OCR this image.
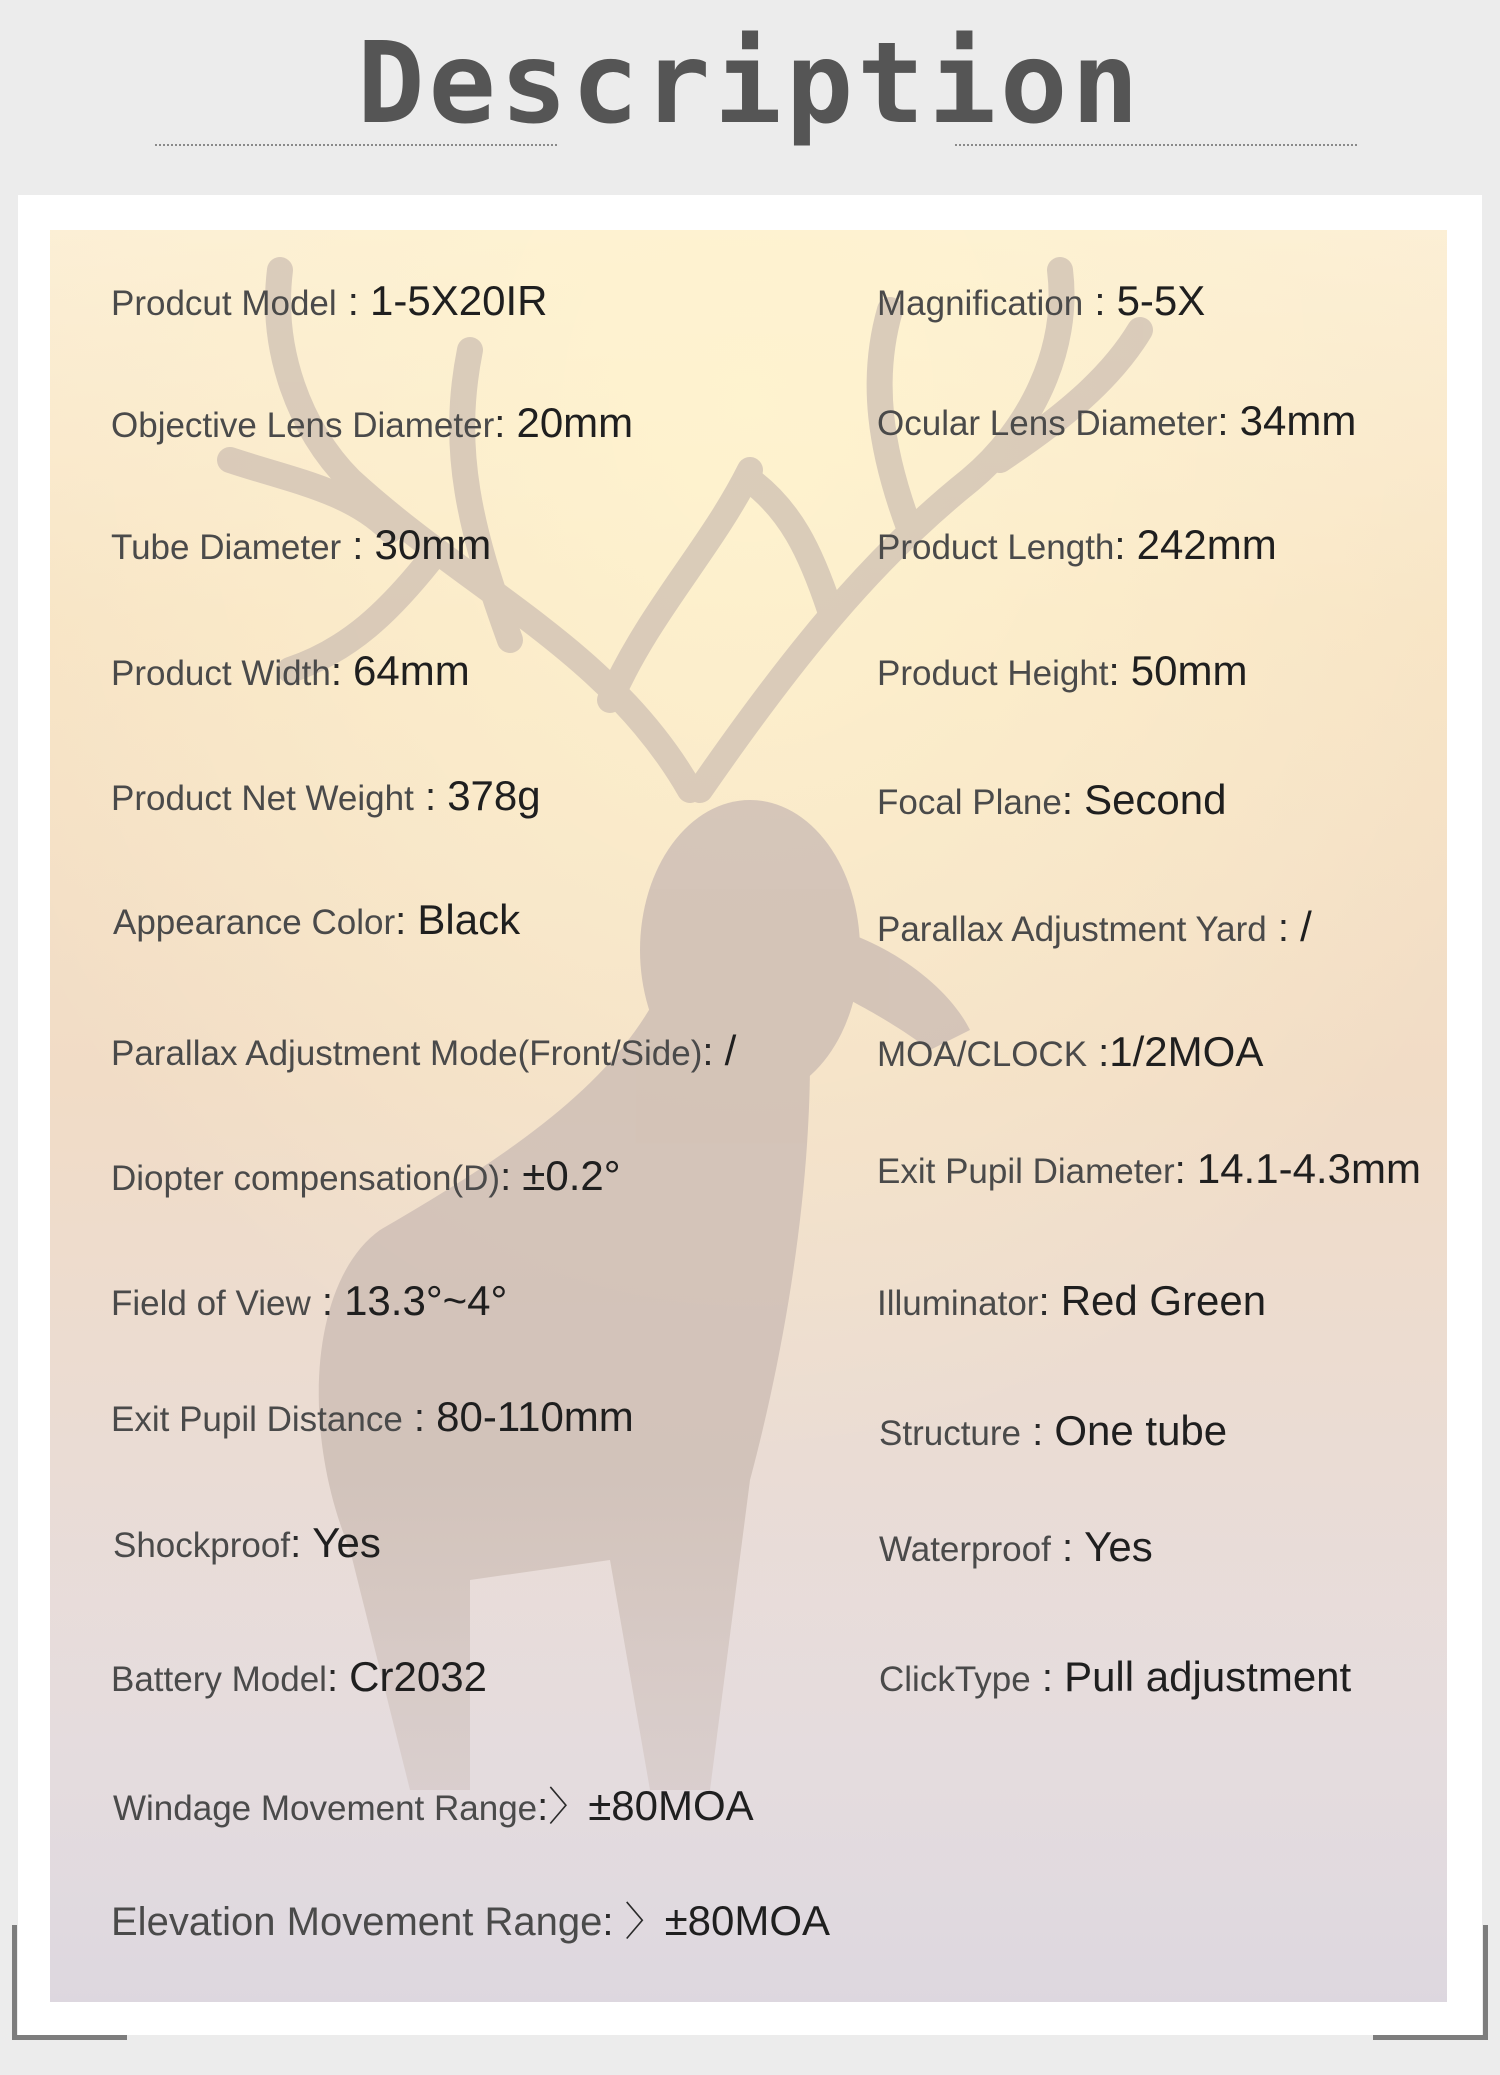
Description
Prodcut Model : 1-5X20IR
Objective Lens Diameter: 20mm
Tube Diameter : 30mm
Product Width: 64mm
Product Net Weight : 378g
Appearance Color: Black
Parallax Adjustment Mode(Front/Side): /
Diopter compensation(D): ±0.2°
Field of View : 13.3°~4°
Exit Pupil Distance : 80-110mm
Shockproof: Yes
Battery Model: Cr2032
Windage Movement Range:〉±80MOA
Elevation Movement Range: 〉±80MOA
Magnification : 5-5X
Ocular Lens Diameter: 34mm
Product Length: 242mm
Product Height: 50mm
Focal Plane: Second
Parallax Adjustment Yard : /
MOA/CLOCK :1/2MOA
Exit Pupil Diameter: 14.1-4.3mm
Illuminator: Red Green
Structure : One tube
Waterproof : Yes
ClickType : Pull adjustment
